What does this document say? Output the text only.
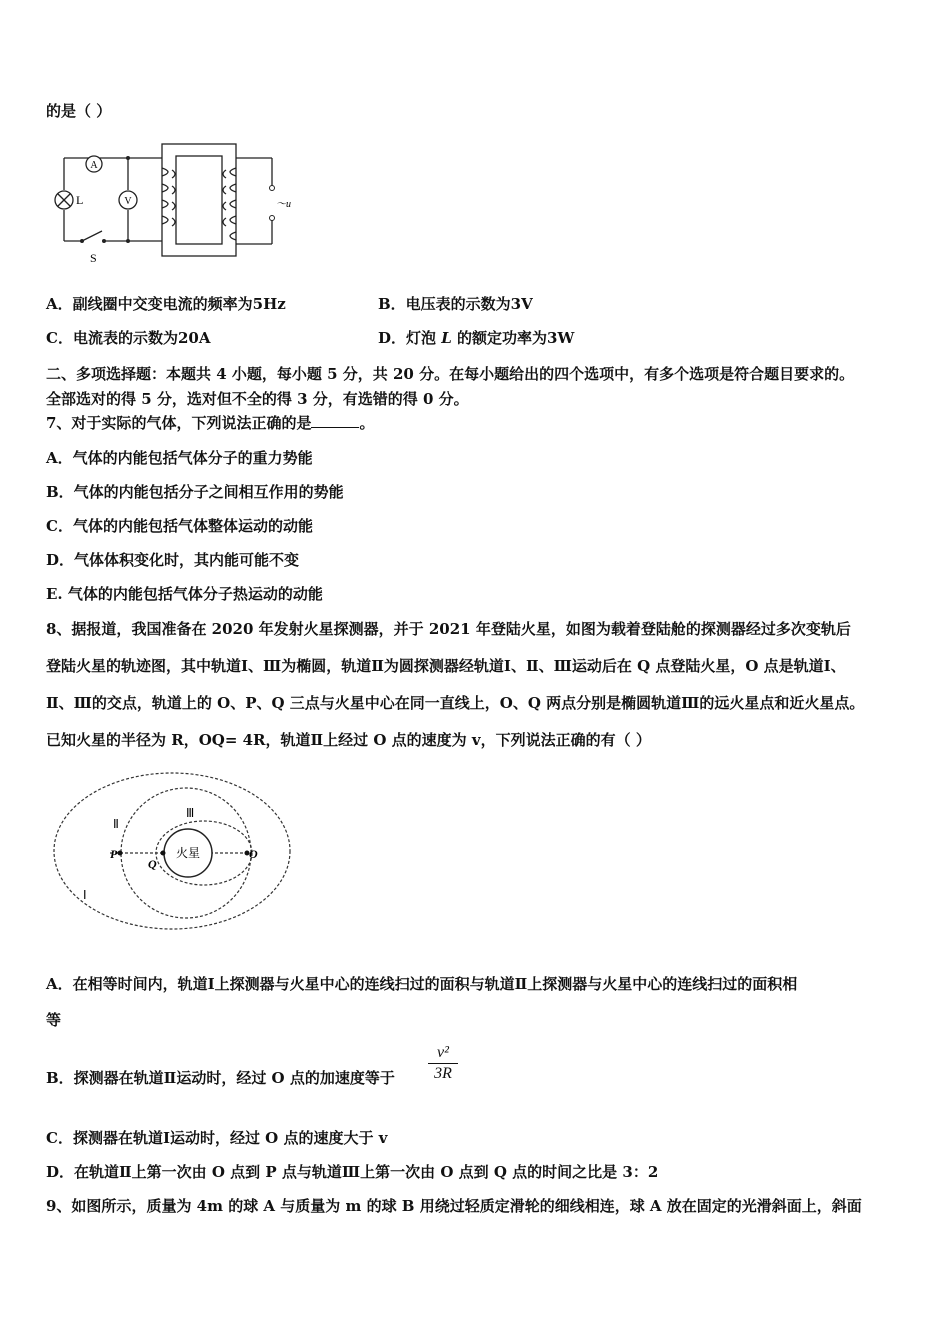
的是（ ）
A
V
L
S
～u
A．副线圈中交变电流的频率为5Hz	B．电压表的示数为3V
C．电流表的示数为20A	D．灯泡 L 的额定功率为3W
二、多项选择题：本题共 4 小题，每小题 5 分，共 20 分。在每小题给出的四个选项中，有多个选项是符合题目要求的。
全部选对的得 5 分，选对但不全的得 3 分，有选错的得 0 分。
7、对于实际的气体，下列说法正确的是	。
A．气体的内能包括气体分子的重力势能
B．气体的内能包括分子之间相互作用的势能
C．气体的内能包括气体整体运动的动能
D．气体体积变化时，其内能可能不变
E. 气体的内能包括气体分子热运动的动能
8、据报道，我国准备在 2020 年发射火星探测器，并于 2021 年登陆火星，如图为载着登陆舱的探测器经过多次变轨后
登陆火星的轨迹图，其中轨道Ⅰ、Ⅲ为椭圆，轨道Ⅱ为圆探测器经轨道Ⅰ、Ⅱ、Ⅲ运动后在 Q 点登陆火星，O 点是轨道Ⅰ、
Ⅱ、Ⅲ的交点，轨道上的 O、P、Q 三点与火星中心在同一直线上，O、Q 两点分别是椭圆轨道Ⅲ的远火星点和近火星点。
已知火星的半径为 R，OQ= 4R，轨道Ⅱ上经过 O 点的速度为 v，下列说法正确的有（ ）
火星
P
Q
O
Ⅱ
Ⅲ
Ⅰ
A．在相等时间内，轨道Ⅰ上探测器与火星中心的连线扫过的面积与轨道Ⅱ上探测器与火星中心的连线扫过的面积相
等
B．探测器在轨道Ⅱ运动时，经过 O 点的加速度等于
v²
3R
C．探测器在轨道Ⅰ运动时，经过 O 点的速度大于 v
D．在轨道Ⅱ上第一次由 O 点到 P 点与轨道Ⅲ上第一次由 O 点到 Q 点的时间之比是 3：2
9、如图所示，质量为 4m 的球 A 与质量为 m 的球 B 用绕过轻质定滑轮的细线相连，球 A 放在固定的光滑斜面上，斜面
